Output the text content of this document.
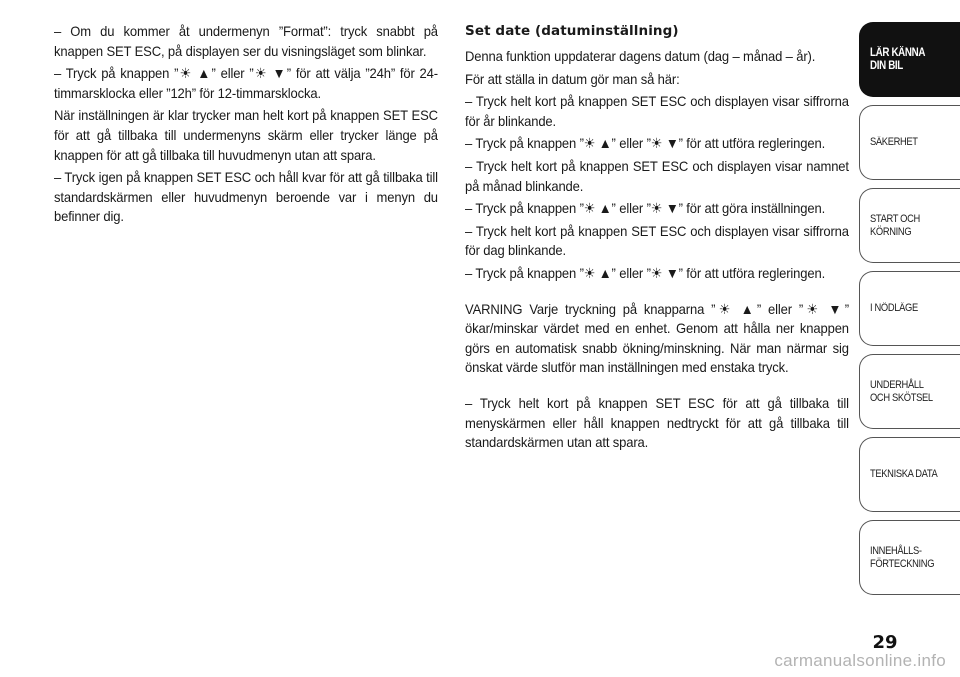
– Om du kommer åt undermenyn ”Format”: tryck snabbt på knappen SET ESC, på displayen ser du visningsläget som blinkar.

– Tryck på knappen ”☀ ▲” eller ”☀ ▼” för att välja ”24h” för 24-timmarsklocka eller ”12h” för 12-timmarsklocka.

När inställningen är klar trycker man helt kort på knappen SET ESC för att gå tillbaka till undermenyns skärm eller trycker länge på knappen för att gå tillbaka till huvudmenyn utan att spara.

– Tryck igen på knappen SET ESC och håll kvar för att gå tillbaka till standardskärmen eller huvudmenyn beroende var i menyn du befinner dig.

Set date (datuminställning)

Denna funktion uppdaterar dagens datum (dag – månad – år).

För att ställa in datum gör man så här:

– Tryck helt kort på knappen SET ESC och displayen visar siffrorna för år blinkande.

– Tryck på knappen ”☀ ▲” eller ”☀ ▼” för att utföra regleringen.

– Tryck helt kort på knappen SET ESC och displayen visar namnet på månad blinkande.

– Tryck på knappen ”☀ ▲” eller ”☀ ▼” för att göra inställningen.

– Tryck helt kort på knappen SET ESC och displayen visar siffrorna för dag blinkande.

– Tryck på knappen ”☀ ▲” eller ”☀ ▼” för att utföra regleringen.

VARNING Varje tryckning på knapparna ”☀ ▲” eller ”☀ ▼” ökar/minskar värdet med en enhet. Genom att hålla ner knappen görs en automatisk snabb ökning/minskning. När man närmar sig önskat värde slutför man inställningen med enstaka tryck.

– Tryck helt kort på knappen SET ESC för att gå tillbaka till menyskärmen eller håll knappen nedtryckt för att gå tillbaka till standardskärmen utan att spara.

LÄR KÄNNA
DIN BIL
SÄKERHET
START OCH
KÖRNING
I NÖDLÄGE
UNDERHÅLL
OCH SKÖTSEL
TEKNISKA DATA
INNEHÅLLS-
FÖRTECKNING
29
carmanualsonline.info
